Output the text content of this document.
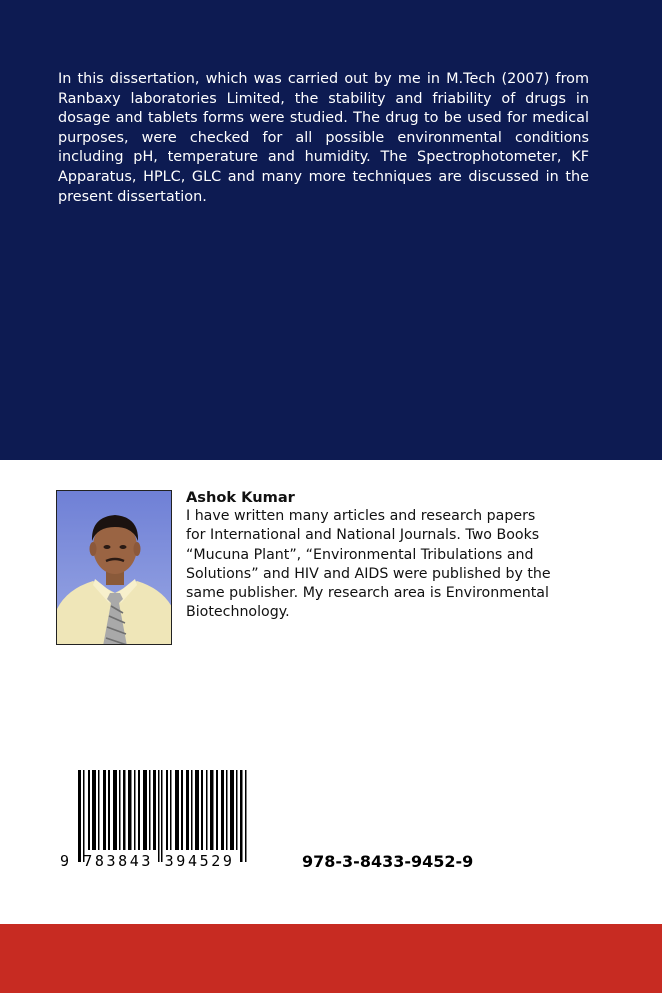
In this dissertation, which was carried out by me in M.Tech (2007) from Ranbaxy laboratories Limited, the stability and friability of drugs in dosage and tablets forms were studied. The drug to be used for medical purposes, were checked for all possible environmental conditions including pH, temperature and humidity. The Spectrophotometer, KF Apparatus, HPLC, GLC and many more techniques are discussed in the present dissertation.

Ashok Kumar

I have written many articles and research papers for International and National Journals. Two Books “Mucuna Plant”, “Environmental Tribulations and Solutions” and HIV and AIDS were published by the same publisher. My research area is Environmental Biotechnology.

9 783843 394529	978-3-8433-9452-9
